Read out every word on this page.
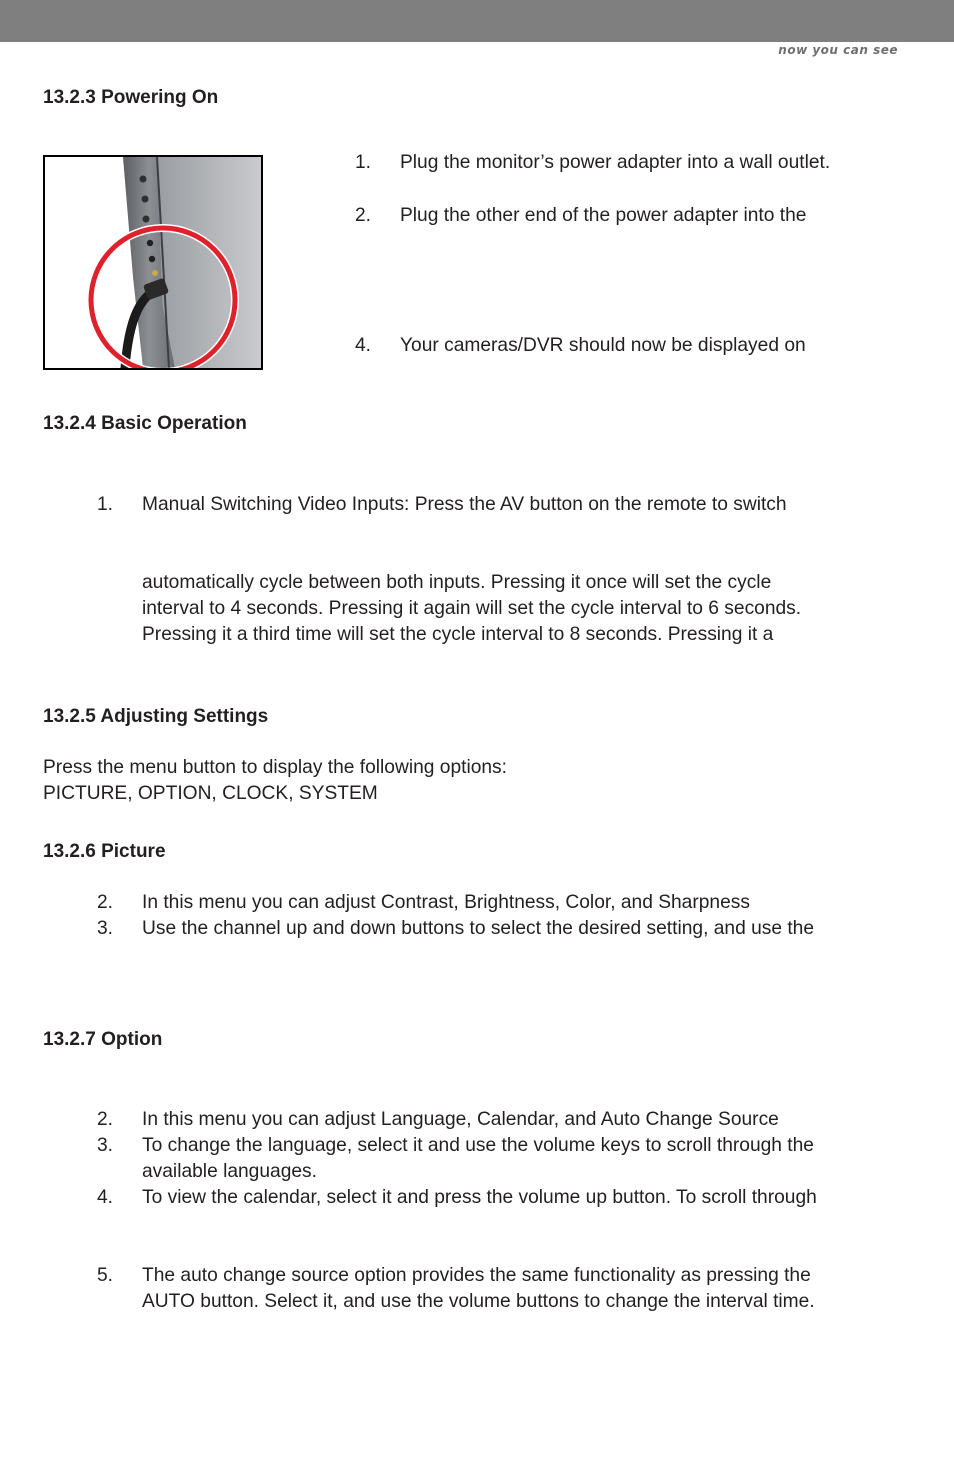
now you can see
13.2.3 Powering On
1. Plug the monitor’s power adapter into a wall outlet.
2. Plug the other end of the power adapter into the
4. Your cameras/DVR should now be displayed on
13.2.4 Basic Operation
1. Manual Switching Video Inputs: Press the AV button on the remote to switch
automatically cycle between both inputs. Pressing it once will set the cycle
interval to 4 seconds. Pressing it again will set the cycle interval to 6 seconds.
Pressing it a third time will set the cycle interval to 8 seconds. Pressing it a
13.2.5 Adjusting Settings
Press the menu button to display the following options:
PICTURE, OPTION, CLOCK, SYSTEM
13.2.6 Picture
2. In this menu you can adjust Contrast, Brightness, Color, and Sharpness
3. Use the channel up and down buttons to select the desired setting, and use the
13.2.7 Option
2. In this menu you can adjust Language, Calendar, and Auto Change Source
3. To change the language, select it and use the volume keys to scroll through the
available languages.
4. To view the calendar, select it and press the volume up button. To scroll through
5. The auto change source option provides the same functionality as pressing the
AUTO button. Select it, and use the volume buttons to change the interval time.
